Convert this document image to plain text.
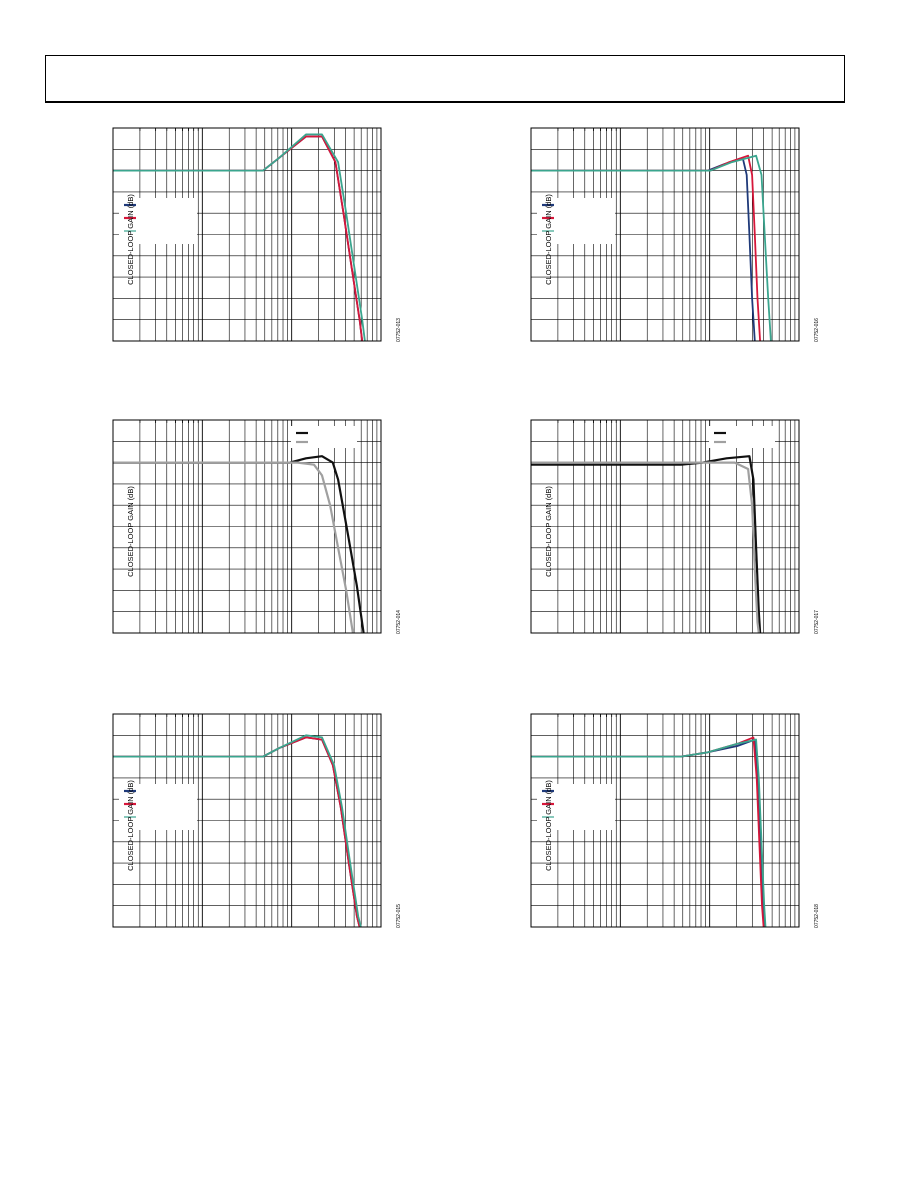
CLOSED-LOOP GAIN (dB)
07752-013
CLOSED-LOOP GAIN (dB)
07752-016
CLOSED-LOOP GAIN (dB)
07752-014
CLOSED-LOOP GAIN (dB)
07752-017
CLOSED-LOOP GAIN (dB)
07752-015
CLOSED-LOOP GAIN (dB)
07752-018
